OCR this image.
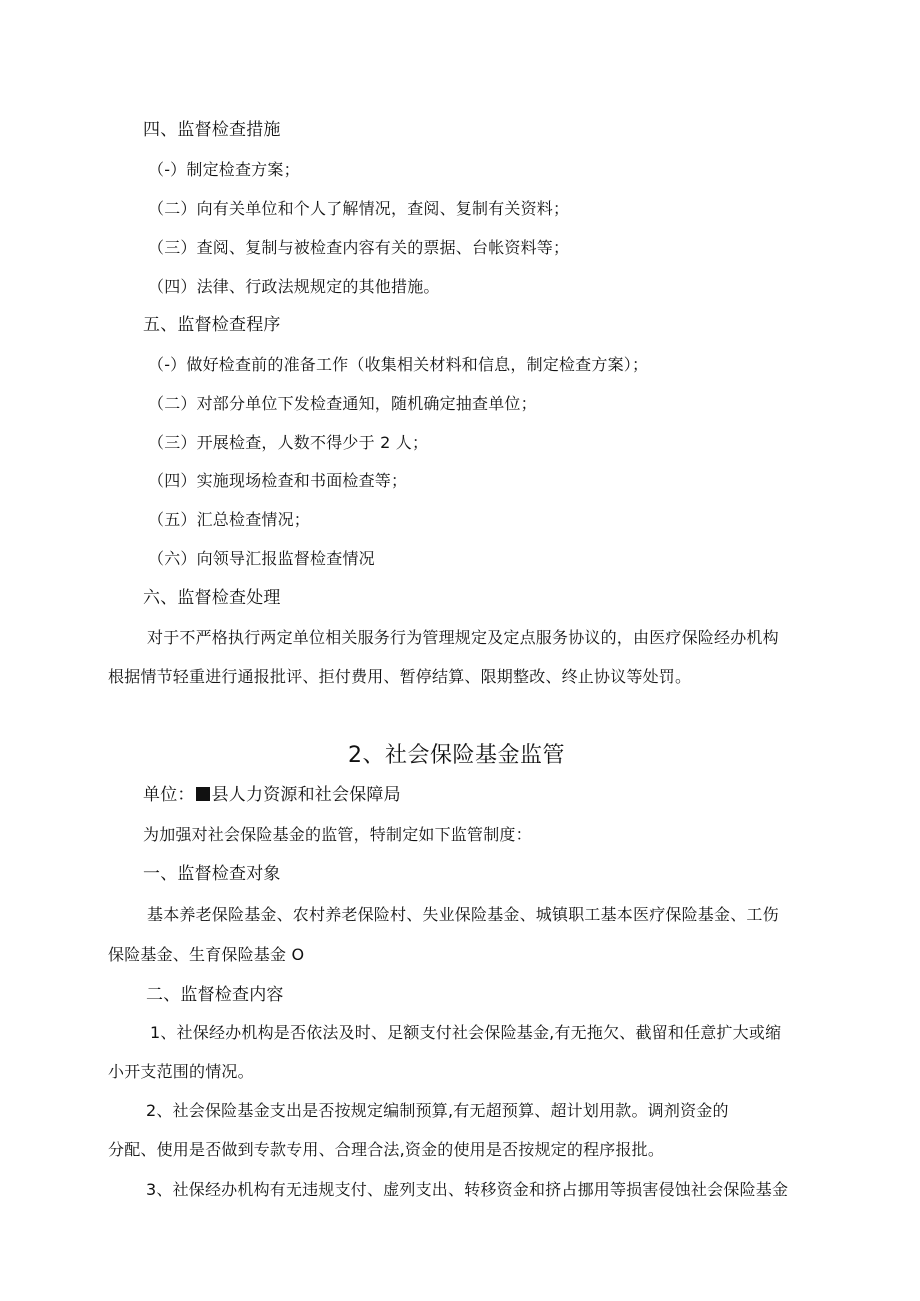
四、监督检查措施
（-）制定检查方案；
（二）向有关单位和个人了解情况，查阅、复制有关资料；
（三）查阅、复制与被检查内容有关的票据、台帐资料等；
（四）法律、行政法规规定的其他措施。
五、监督检查程序
（-）做好检查前的准备工作（收集相关材料和信息，制定检查方案）；
（二）对部分单位下发检查通知，随机确定抽查单位；
（三）开展检查，人数不得少于 2 人；
（四）实施现场检查和书面检查等；
（五）汇总检查情况；
（六）向领导汇报监督检查情况
六、监督检查处理
对于不严格执行两定单位相关服务行为管理规定及定点服务协议的，由医疗保险经办机构
根据情节轻重进行通报批评、拒付费用、暂停结算、限期整改、终止协议等处罚。
2、社会保险基金监管
单位： 县人力资源和社会保障局
为加强对社会保险基金的监管，特制定如下监管制度：
一、监督检查对象
基本养老保险基金、农村养老保险村、失业保险基金、城镇职工基本医疗保险基金、工伤
保险基金、生育保险基金 O
二、监督检查内容
1、社保经办机构是否依法及时、足额支付社会保险基金,有无拖欠、截留和任意扩大或缩
小开支范围的情况。
2、社会保险基金支出是否按规定编制预算,有无超预算、超计划用款。调剂资金的
分配、使用是否做到专款专用、合理合法,资金的使用是否按规定的程序报批。
3、社保经办机构有无违规支付、虚列支出、转移资金和挤占挪用等损害侵蚀社会保险基金
